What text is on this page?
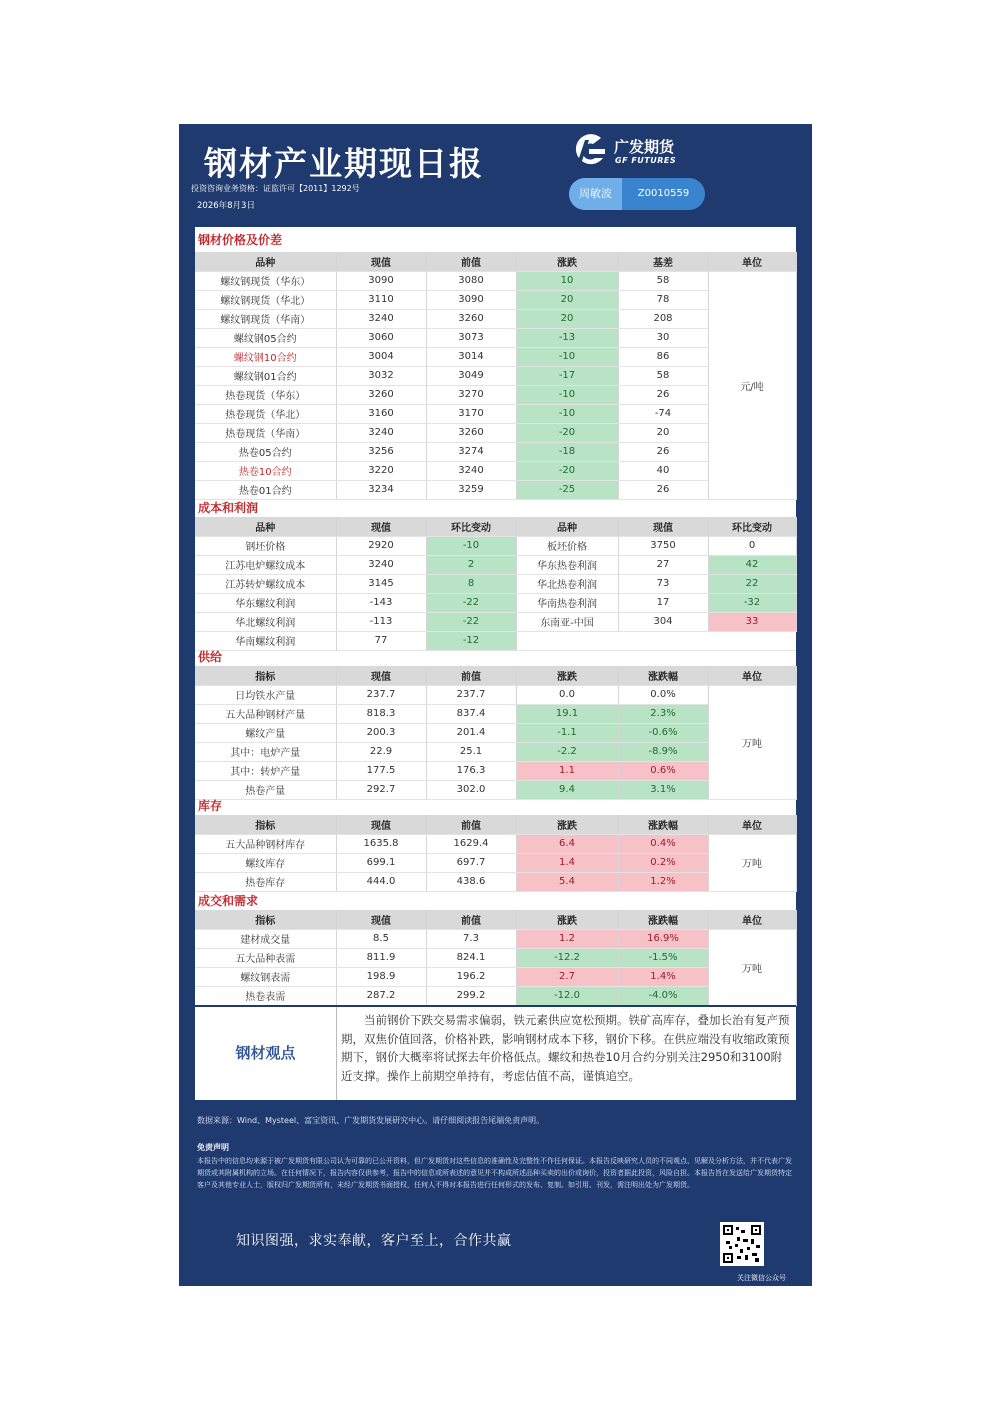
钢材产业期现日报
投资咨询业务资格：证监许可【2011】1292号
2026年8月3日
广发期货
GF FUTURES
周敏波	Z0010559
钢材价格及价差
品种	现值	前值	涨跌	基差	单位
螺纹钢现货（华东）	3090	3080	10	58	元/吨
螺纹钢现货（华北）	3110	3090	20	78	
螺纹钢现货（华南）	3240	3260	20	208	
螺纹钢05合约	3060	3073	-13	30	
螺纹钢10合约	3004	3014	-10	86	
螺纹钢01合约	3032	3049	-17	58	
热卷现货（华东）	3260	3270	-10	26	
热卷现货（华北）	3160	3170	-10	-74	
热卷现货（华南）	3240	3260	-20	20	
热卷05合约	3256	3274	-18	26	
热卷10合约	3220	3240	-20	40	
热卷01合约	3234	3259	-25	26	
成本和利润
品种	现值	环比变动	品种	现值	环比变动
钢坯价格	2920	-10	板坯价格	3750	0
江苏电炉螺纹成本	3240	2	华东热卷利润	27	42
江苏转炉螺纹成本	3145	8	华北热卷利润	73	22
华东螺纹利润	-143	-22	华南热卷利润	17	-32
华北螺纹利润	-113	-22	东南亚-中国	304	33
华南螺纹利润	77	-12			
供给
指标	现值	前值	涨跌	涨跌幅	单位
日均铁水产量	237.7	237.7	0.0	0.0%	万吨
五大品种钢材产量	818.3	837.4	19.1	2.3%	
螺纹产量	200.3	201.4	-1.1	-0.6%	
其中：电炉产量	22.9	25.1	-2.2	-8.9%	
其中：转炉产量	177.5	176.3	1.1	0.6%	
热卷产量	292.7	302.0	9.4	3.1%	
库存
指标	现值	前值	涨跌	涨跌幅	单位
五大品种钢材库存	1635.8	1629.4	6.4	0.4%	万吨
螺纹库存	699.1	697.7	1.4	0.2%	
热卷库存	444.0	438.6	5.4	1.2%	
成交和需求
指标	现值	前值	涨跌	涨跌幅	单位
建材成交量	8.5	7.3	1.2	16.9%	万吨
五大品种表需	811.9	824.1	-12.2	-1.5%	
螺纹钢表需	198.9	196.2	2.7	1.4%	
热卷表需	287.2	299.2	-12.0	-4.0%	
钢材观点
当前钢价下跌交易需求偏弱，铁元素供应宽松预期。铁矿高库存，叠加长治有复产预期，双焦价值回落，价格补跌，影响钢材成本下移，钢价下移。在供应端没有收缩政策预期下，钢价大概率将试探去年价格低点。螺纹和热卷10月合约分别关注2950和3100附近支撑。操作上前期空单持有，考虑估值不高，谨慎追空。
数据来源：Wind、Mysteel、富宝资讯、广发期货发展研究中心。请仔细阅读报告尾端免责声明。
免责声明
本报告中的信息均来源于被广发期货有限公司认为可靠的已公开资料，但广发期货对这些信息的准确性及完整性不作任何保证。本报告反映研究人员的不同观点、见解及分析方法，并不代表广发期货或其附属机构的立场。在任何情况下，报告内容仅供参考，报告中的信息或所表述的意见并不构成所述品种买卖的出价或询价，投资者据此投资，风险自担。本报告旨在发送给广发期货特定客户及其他专业人士，版权归广发期货所有，未经广发期货书面授权，任何人不得对本报告进行任何形式的发布、复制。如引用、刊发，需注明出处为广发期货。
知识图强，求实奉献，客户至上，合作共赢
关注微信公众号
